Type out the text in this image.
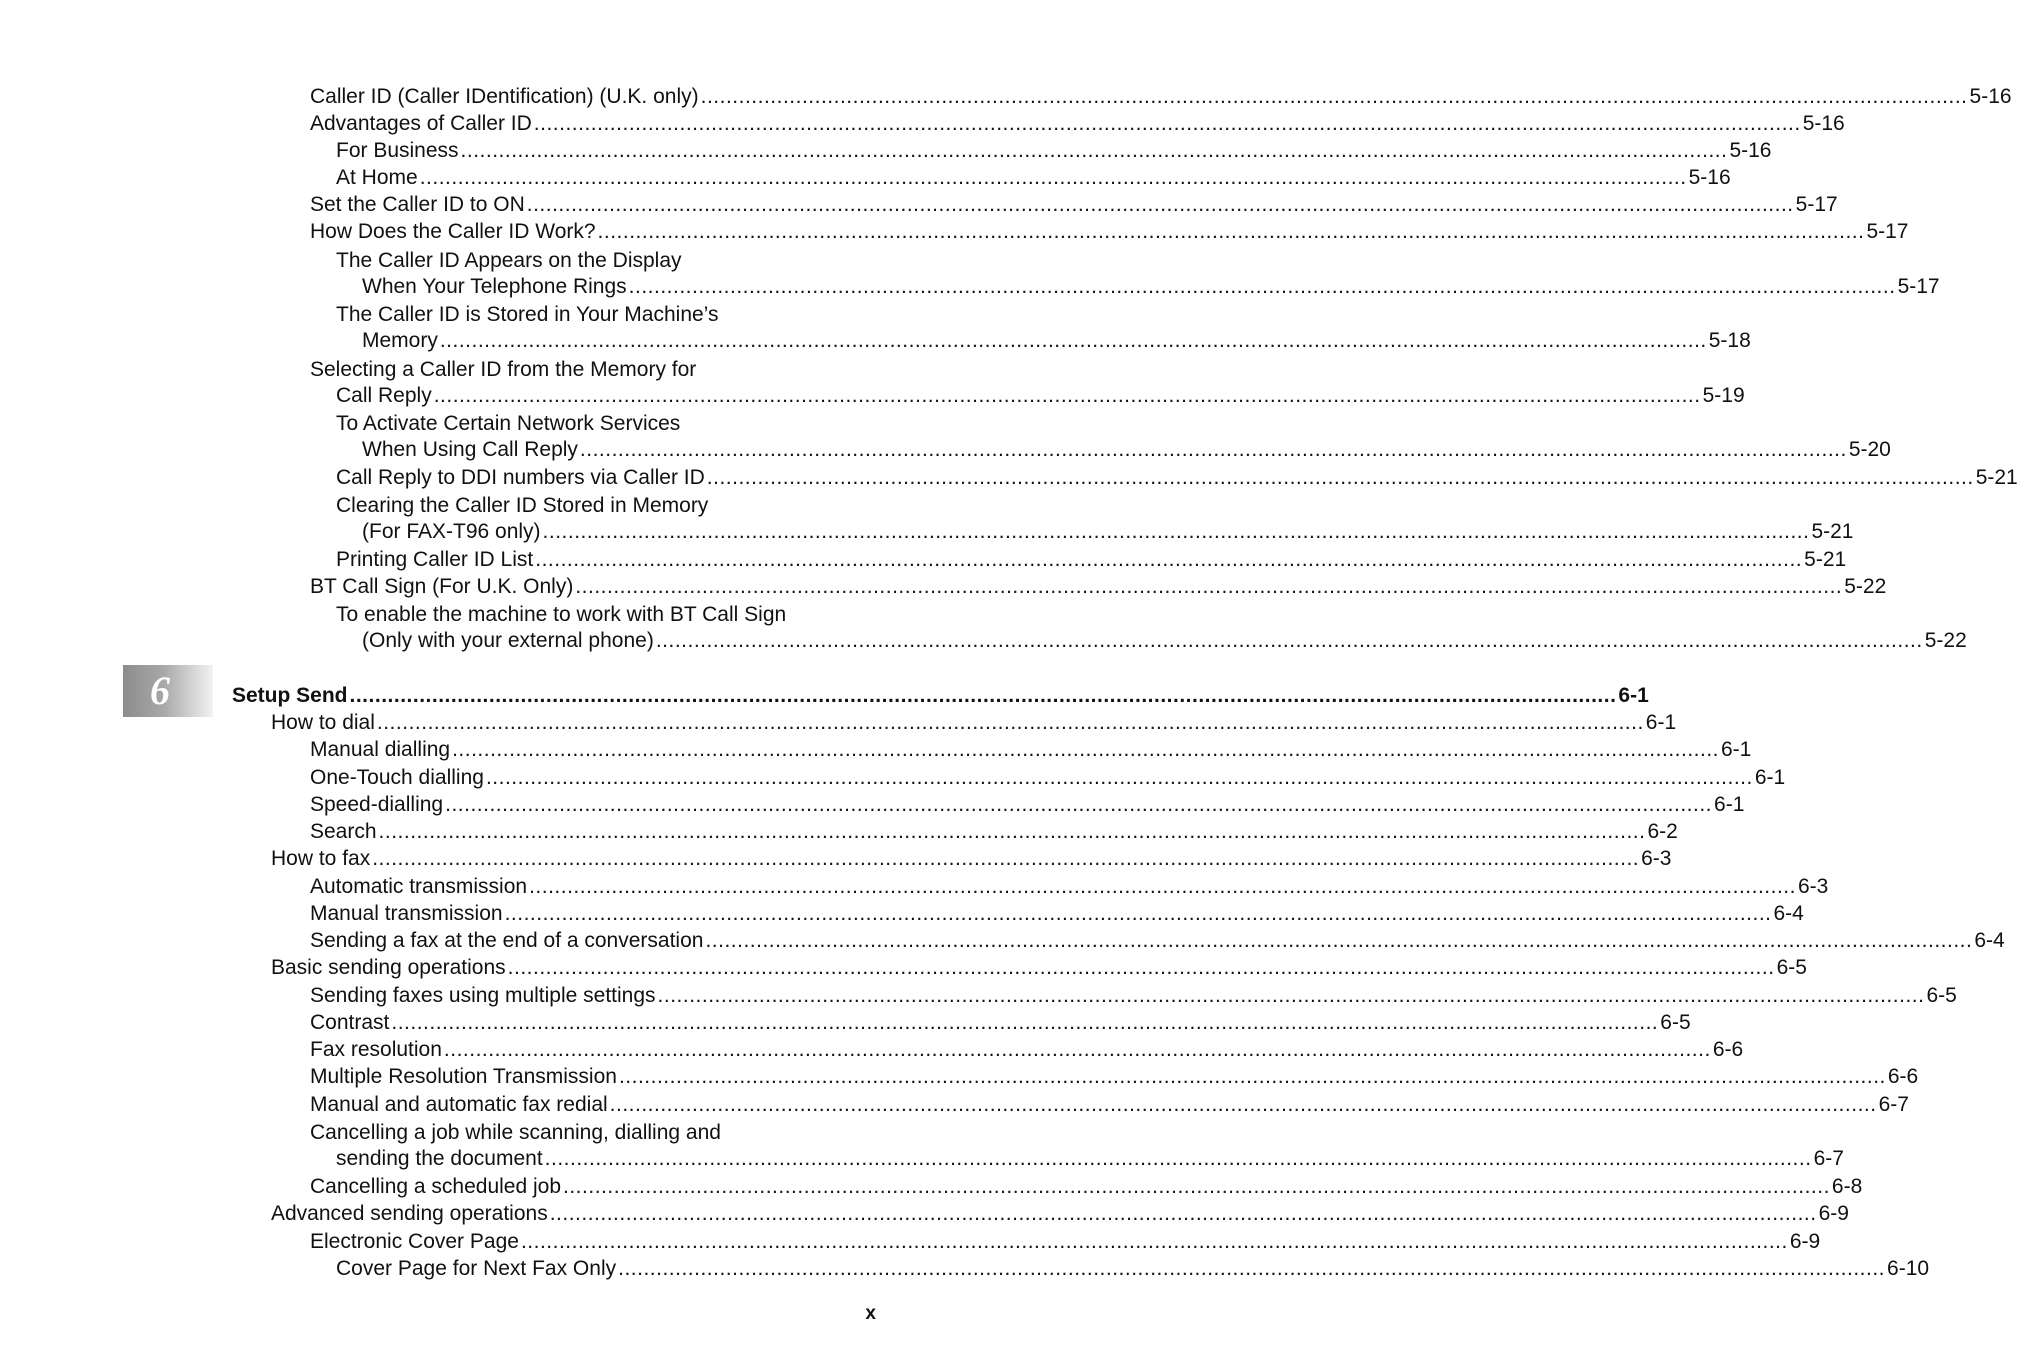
6
Caller ID (Caller IDentification) (U.K. only) ........................................................................................................................................................................................................ 5-16
Advantages of Caller ID ........................................................................................................................................................................................................ 5-16
For Business ........................................................................................................................................................................................................ 5-16
At Home ........................................................................................................................................................................................................ 5-16
Set the Caller ID to ON ........................................................................................................................................................................................................ 5-17
How Does the Caller ID Work? ........................................................................................................................................................................................................ 5-17
The Caller ID Appears on the Display
When Your Telephone Rings ........................................................................................................................................................................................................ 5-17
The Caller ID is Stored in Your Machine’s
Memory ........................................................................................................................................................................................................ 5-18
Selecting a Caller ID from the Memory for
Call Reply ........................................................................................................................................................................................................ 5-19
To Activate Certain Network Services
When Using Call Reply ........................................................................................................................................................................................................ 5-20
Call Reply to DDI numbers via Caller ID ........................................................................................................................................................................................................ 5-21
Clearing the Caller ID Stored in Memory
(For FAX-T96 only) ........................................................................................................................................................................................................ 5-21
Printing Caller ID List ........................................................................................................................................................................................................ 5-21
BT Call Sign (For U.K. Only) ........................................................................................................................................................................................................ 5-22
To enable the machine to work with BT Call Sign
(Only with your external phone) ........................................................................................................................................................................................................ 5-22
Setup Send ........................................................................................................................................................................................................ 6-1
How to dial ........................................................................................................................................................................................................ 6-1
Manual dialling ........................................................................................................................................................................................................ 6-1
One-Touch dialling ........................................................................................................................................................................................................ 6-1
Speed-dialling ........................................................................................................................................................................................................ 6-1
Search ........................................................................................................................................................................................................ 6-2
How to fax ........................................................................................................................................................................................................ 6-3
Automatic transmission ........................................................................................................................................................................................................ 6-3
Manual transmission ........................................................................................................................................................................................................ 6-4
Sending a fax at the end of a conversation ........................................................................................................................................................................................................ 6-4
Basic sending operations ........................................................................................................................................................................................................ 6-5
Sending faxes using multiple settings ........................................................................................................................................................................................................ 6-5
Contrast ........................................................................................................................................................................................................ 6-5
Fax resolution ........................................................................................................................................................................................................ 6-6
Multiple Resolution Transmission ........................................................................................................................................................................................................ 6-6
Manual and automatic fax redial ........................................................................................................................................................................................................ 6-7
Cancelling a job while scanning, dialling and
sending the document ........................................................................................................................................................................................................ 6-7
Cancelling a scheduled job ........................................................................................................................................................................................................ 6-8
Advanced sending operations ........................................................................................................................................................................................................ 6-9
Electronic Cover Page ........................................................................................................................................................................................................ 6-9
Cover Page for Next Fax Only ........................................................................................................................................................................................................ 6-10
x
